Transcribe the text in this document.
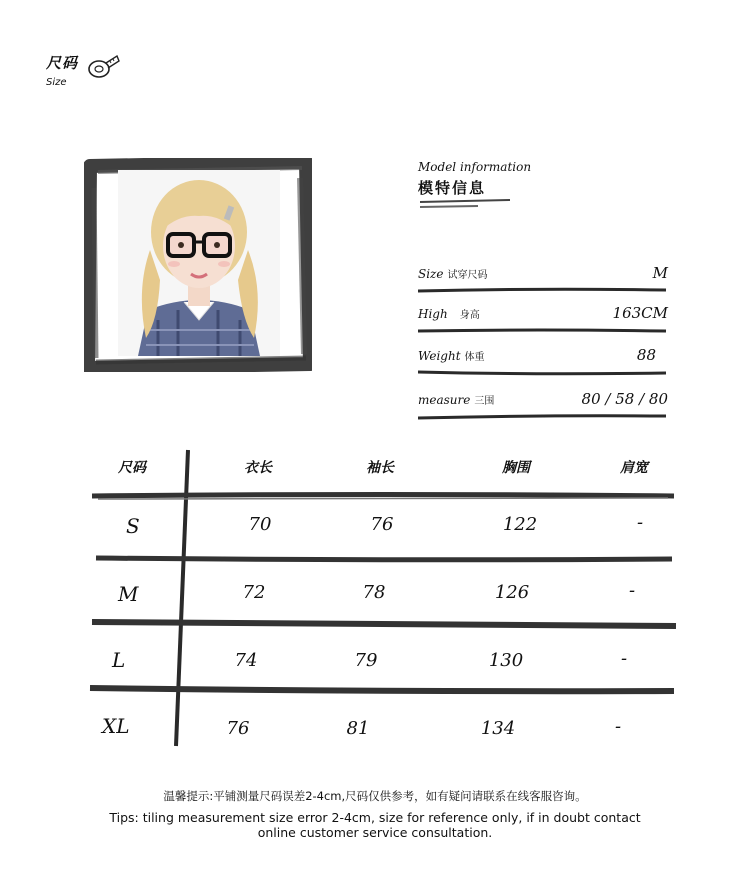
尺码
Size
Model information
模特信息
Size 试穿尺码	M
High 身高	163CM
Weight 体重	88
measure 三围	80 / 58 / 80
尺码	衣长	袖长	胸围	肩宽
S	70	76	122	-
M	72	78	126	-
L	74	79	130	-
XL	76	81	134	-
温馨提示:平铺测量尺码误差2-4cm,尺码仅供参考，如有疑问请联系在线客服咨询。
Tips: tiling measurement size error 2-4cm, size for reference only, if in doubt contact online customer service consultation.
